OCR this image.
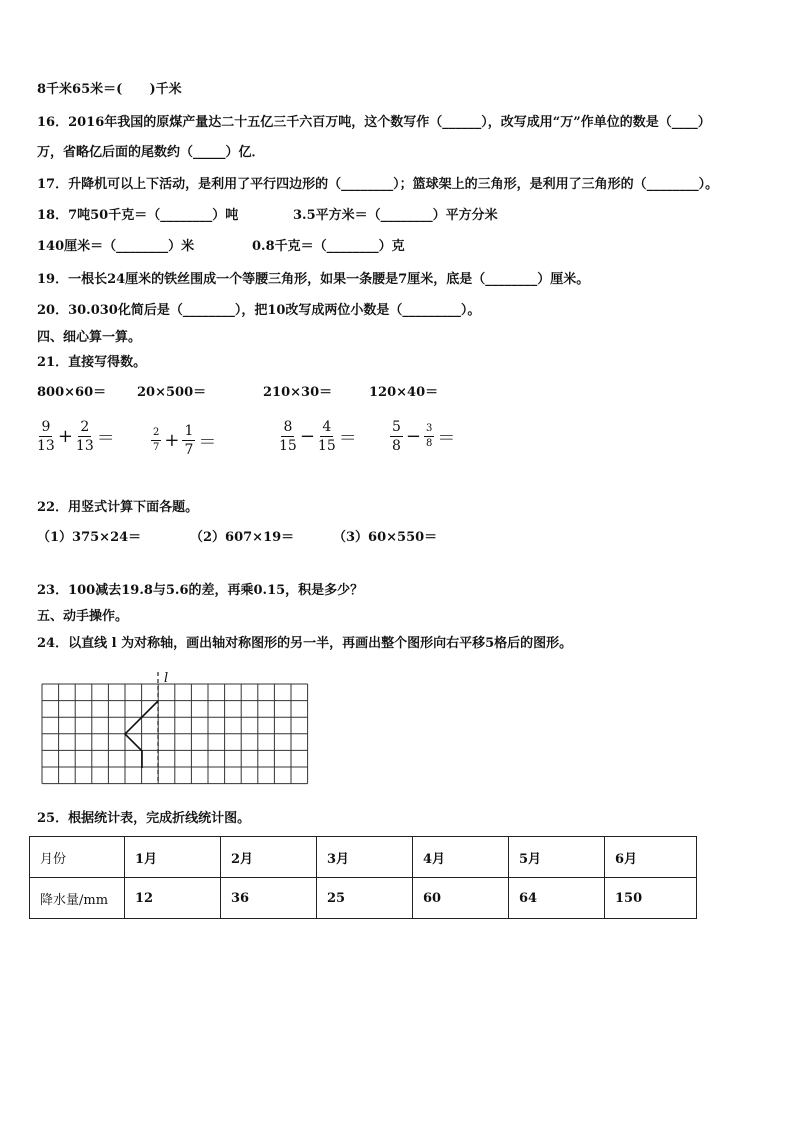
8千米65米＝(      )千米
16．2016年我国的原煤产量达二十五亿三千六百万吨，这个数写作（______），改写成用“万”作单位的数是（____）
万，省略亿后面的尾数约（_____）亿．
17．升降机可以上下活动，是利用了平行四边形的（________）；篮球架上的三角形，是利用了三角形的（________）。
18．7吨50千克＝（________）吨	3.5平方米＝（________）平方分米
140厘米＝（________）米	0.8千克＝（________）克
19．一根长24厘米的铁丝围成一个等腰三角形，如果一条腰是7厘米，底是（________）厘米。
20．30.030化简后是（________），把10改写成两位小数是（_________）。
四、细心算一算。
21．直接写得数。
800×60＝ 20×500＝	210×30＝	120×40＝
$\frac{9}{13} + \frac{2}{13}$ ＝	$\frac{2}{7} + \frac{1}{7}$ ＝	$\frac{8}{15} - \frac{4}{15} = \frac{5}{8} - \frac{3}{8}$ ＝
22．用竖式计算下面各题。
（1）375×24＝	（2）607×19＝	（3）60×550＝
23．100减去19.8与5.6的差，再乘0.15，积是多少？
五、动手操作。
24．以直线 l 为对称轴，画出轴对称图形的另一半，再画出整个图形向右平移5格后的图形。
l
25．根据统计表，完成折线统计图。
月份	1月	2月	3月	4月	5月	6月
降水量/mm	12	36	25	60	64	150
